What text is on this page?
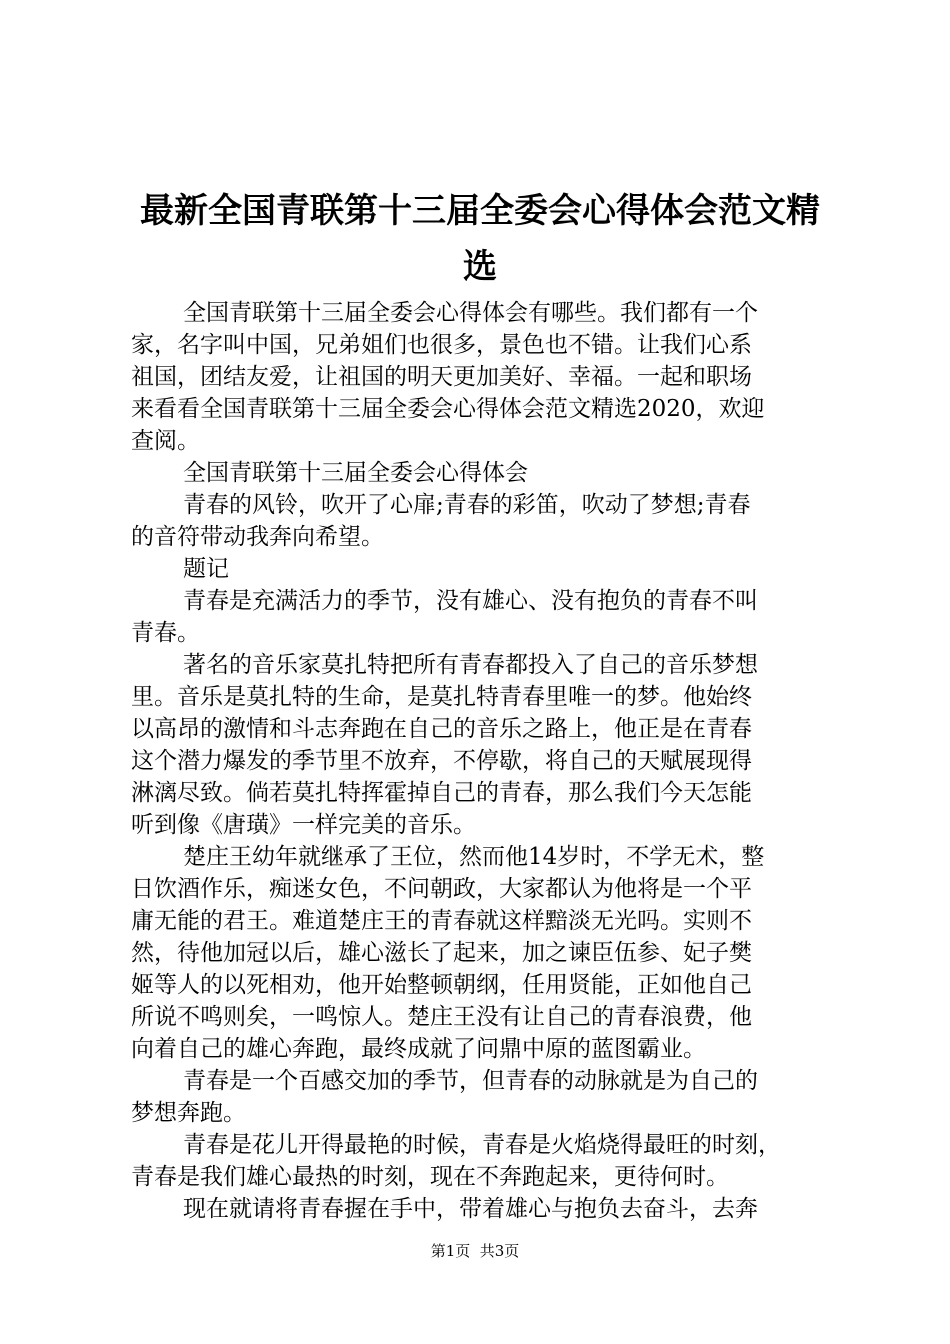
最新全国青联第十三届全委会心得体会范文精
选
全国青联第十三届全委会心得体会有哪些。我们都有一个
家，名字叫中国，兄弟姐们也很多，景色也不错。让我们心系
祖国，团结友爱，让祖国的明天更加美好、幸福。一起和职场
来看看全国青联第十三届全委会心得体会范文精选2020，欢迎
查阅。
全国青联第十三届全委会心得体会
青春的风铃，吹开了心扉;青春的彩笛，吹动了梦想;青春
的音符带动我奔向希望。
题记
青春是充满活力的季节，没有雄心、没有抱负的青春不叫
青春。
著名的音乐家莫扎特把所有青春都投入了自己的音乐梦想
里。音乐是莫扎特的生命，是莫扎特青春里唯一的梦。他始终
以高昂的激情和斗志奔跑在自己的音乐之路上，他正是在青春
这个潜力爆发的季节里不放弃，不停歇，将自己的天赋展现得
淋漓尽致。倘若莫扎特挥霍掉自己的青春，那么我们今天怎能
听到像《唐璜》一样完美的音乐。
楚庄王幼年就继承了王位，然而他14岁时，不学无术，整
日饮酒作乐，痴迷女色，不问朝政，大家都认为他将是一个平
庸无能的君王。难道楚庄王的青春就这样黯淡无光吗。实则不
然，待他加冠以后，雄心滋长了起来，加之谏臣伍参、妃子樊
姬等人的以死相劝，他开始整顿朝纲，任用贤能，正如他自己
所说不鸣则矣，一鸣惊人。楚庄王没有让自己的青春浪费，他
向着自己的雄心奔跑，最终成就了问鼎中原的蓝图霸业。
青春是一个百感交加的季节，但青春的动脉就是为自己的
梦想奔跑。
青春是花儿开得最艳的时候，青春是火焰烧得最旺的时刻，
青春是我们雄心最热的时刻，现在不奔跑起来，更待何时。
现在就请将青春握在手中，带着雄心与抱负去奋斗，去奔
第1页  共3页
